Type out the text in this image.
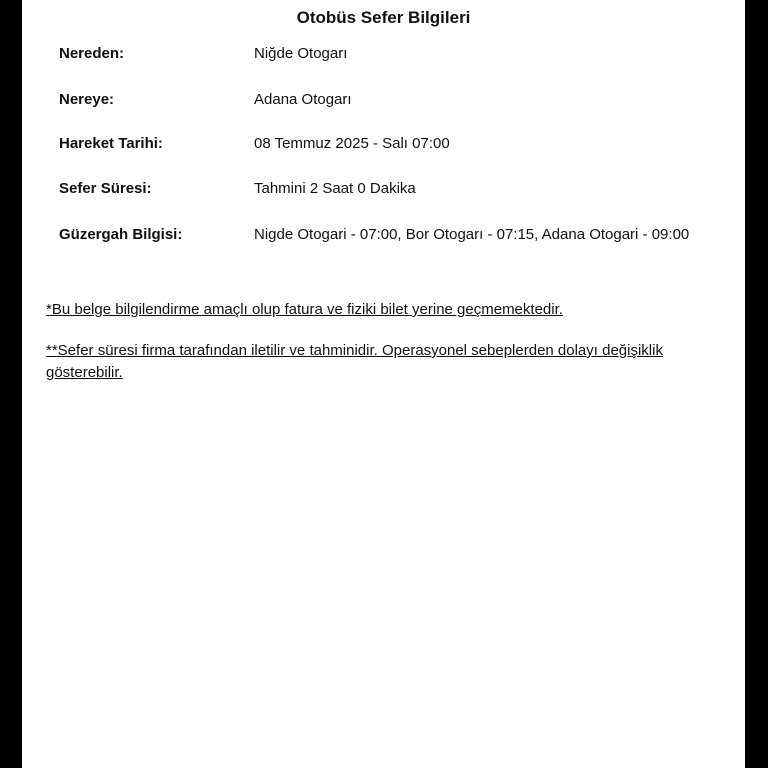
Otobüs Sefer Bilgileri
Nereden:	Niğde Otogarı
Nereye:	Adana Otogarı
Hareket Tarihi:	08 Temmuz 2025 - Salı 07:00
Sefer Süresi:	Tahmini 2 Saat 0 Dakika
Güzergah Bilgisi:	Nigde Otogari - 07:00, Bor Otogarı - 07:15, Adana Otogari - 09:00
*Bu belge bilgilendirme amaçlı olup fatura ve fiziki bilet yerine geçmemektedir.
**Sefer süresi firma tarafından iletilir ve tahminidir. Operasyonel sebeplerden dolayı değişiklik gösterebilir.
